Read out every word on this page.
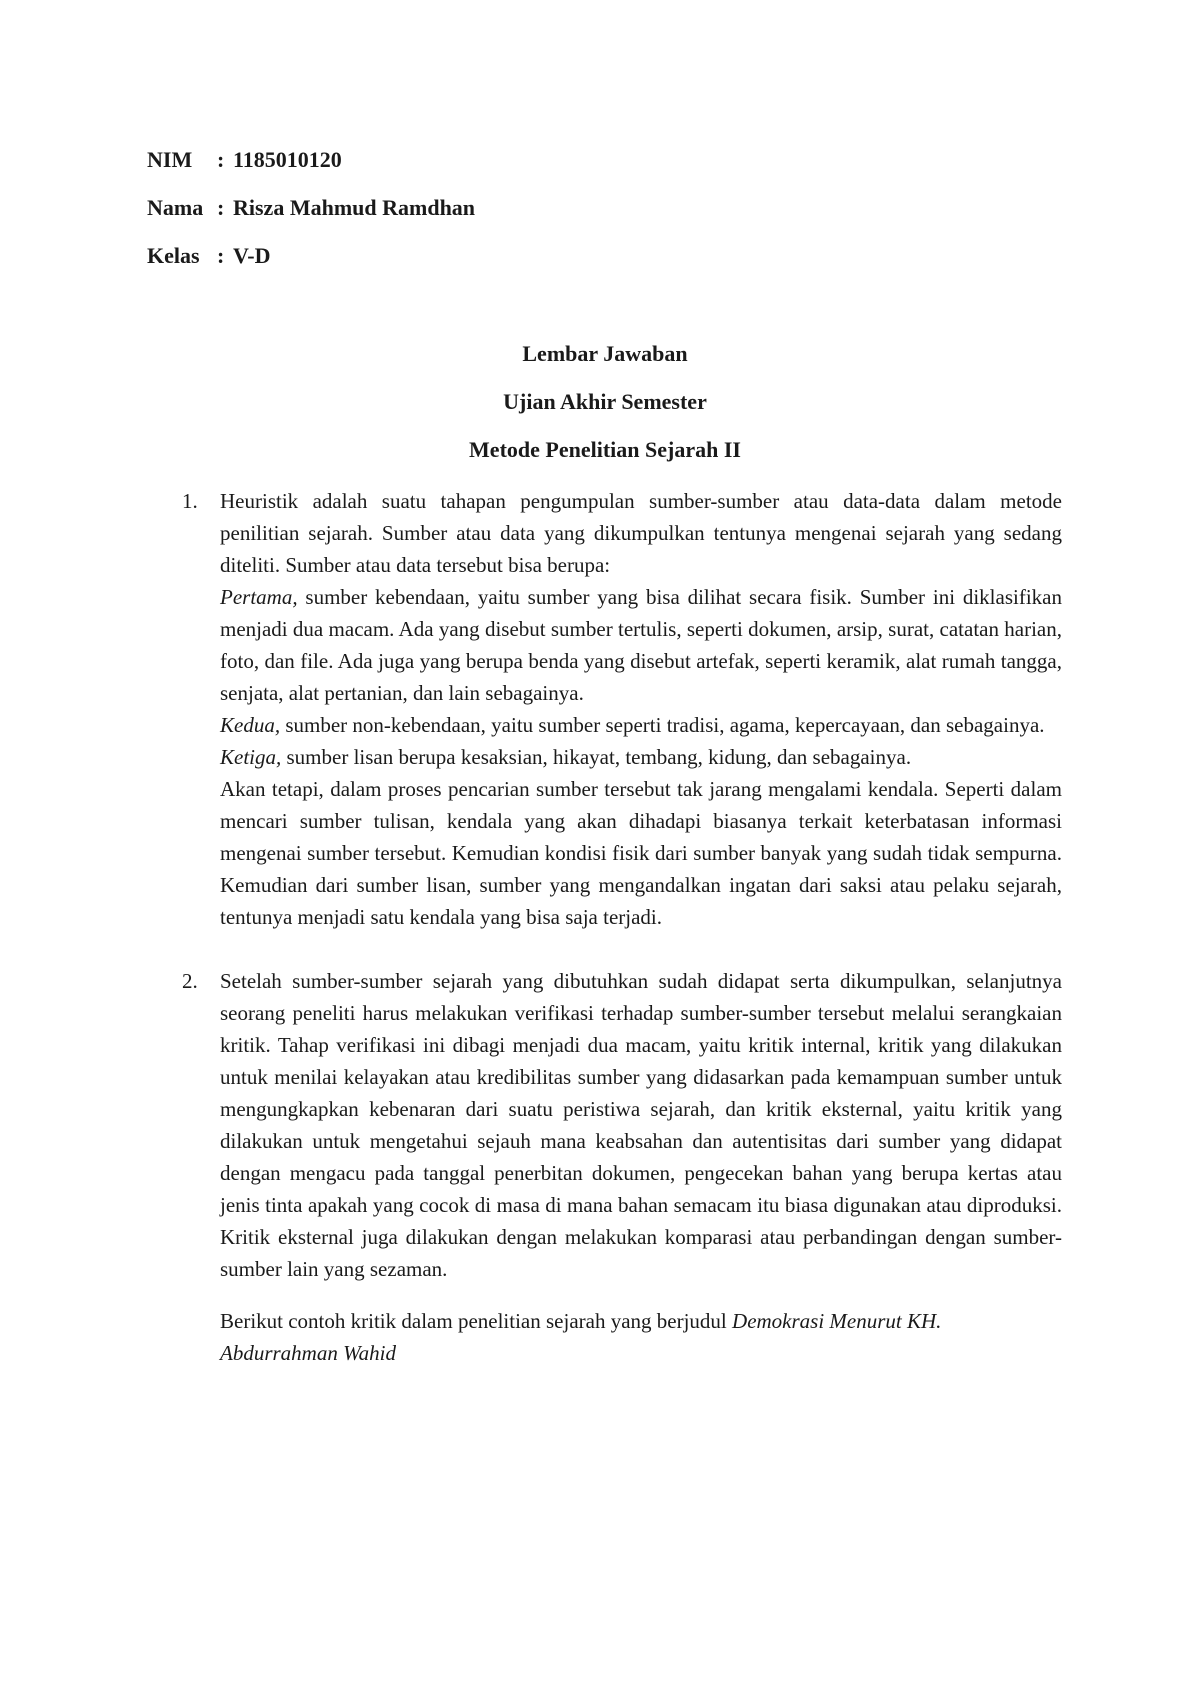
NIM : 1185010120
Nama : Risza Mahmud Ramdhan
Kelas : V-D
Lembar Jawaban
Ujian Akhir Semester
Metode Penelitian Sejarah II
1. Heuristik adalah suatu tahapan pengumpulan sumber-sumber atau data-data dalam metode penilitian sejarah. Sumber atau data yang dikumpulkan tentunya mengenai sejarah yang sedang diteliti. Sumber atau data tersebut bisa berupa:

Pertama, sumber kebendaan, yaitu sumber yang bisa dilihat secara fisik. Sumber ini diklasifikan menjadi dua macam. Ada yang disebut sumber tertulis, seperti dokumen, arsip, surat, catatan harian, foto, dan file. Ada juga yang berupa benda yang disebut artefak, seperti keramik, alat rumah tangga, senjata, alat pertanian, dan lain sebagainya.

Kedua, sumber non-kebendaan, yaitu sumber seperti tradisi, agama, kepercayaan, dan sebagainya.

Ketiga, sumber lisan berupa kesaksian, hikayat, tembang, kidung, dan sebagainya.

Akan tetapi, dalam proses pencarian sumber tersebut tak jarang mengalami kendala. Seperti dalam mencari sumber tulisan, kendala yang akan dihadapi biasanya terkait keterbatasan informasi mengenai sumber tersebut. Kemudian kondisi fisik dari sumber banyak yang sudah tidak sempurna. Kemudian dari sumber lisan, sumber yang mengandalkan ingatan dari saksi atau pelaku sejarah, tentunya menjadi satu kendala yang bisa saja terjadi.

2. Setelah sumber-sumber sejarah yang dibutuhkan sudah didapat serta dikumpulkan, selanjutnya seorang peneliti harus melakukan verifikasi terhadap sumber-sumber tersebut melalui serangkaian kritik. Tahap verifikasi ini dibagi menjadi dua macam, yaitu kritik internal, kritik yang dilakukan untuk menilai kelayakan atau kredibilitas sumber yang didasarkan pada kemampuan sumber untuk mengungkapkan kebenaran dari suatu peristiwa sejarah, dan kritik eksternal, yaitu kritik yang dilakukan untuk mengetahui sejauh mana keabsahan dan autentisitas dari sumber yang didapat dengan mengacu pada tanggal penerbitan dokumen, pengecekan bahan yang berupa kertas atau jenis tinta apakah yang cocok di masa di mana bahan semacam itu biasa digunakan atau diproduksi. Kritik eksternal juga dilakukan dengan melakukan komparasi atau perbandingan dengan sumber-sumber lain yang sezaman.

Berikut contoh kritik dalam penelitian sejarah yang berjudul Demokrasi Menurut KH. Abdurrahman Wahid
